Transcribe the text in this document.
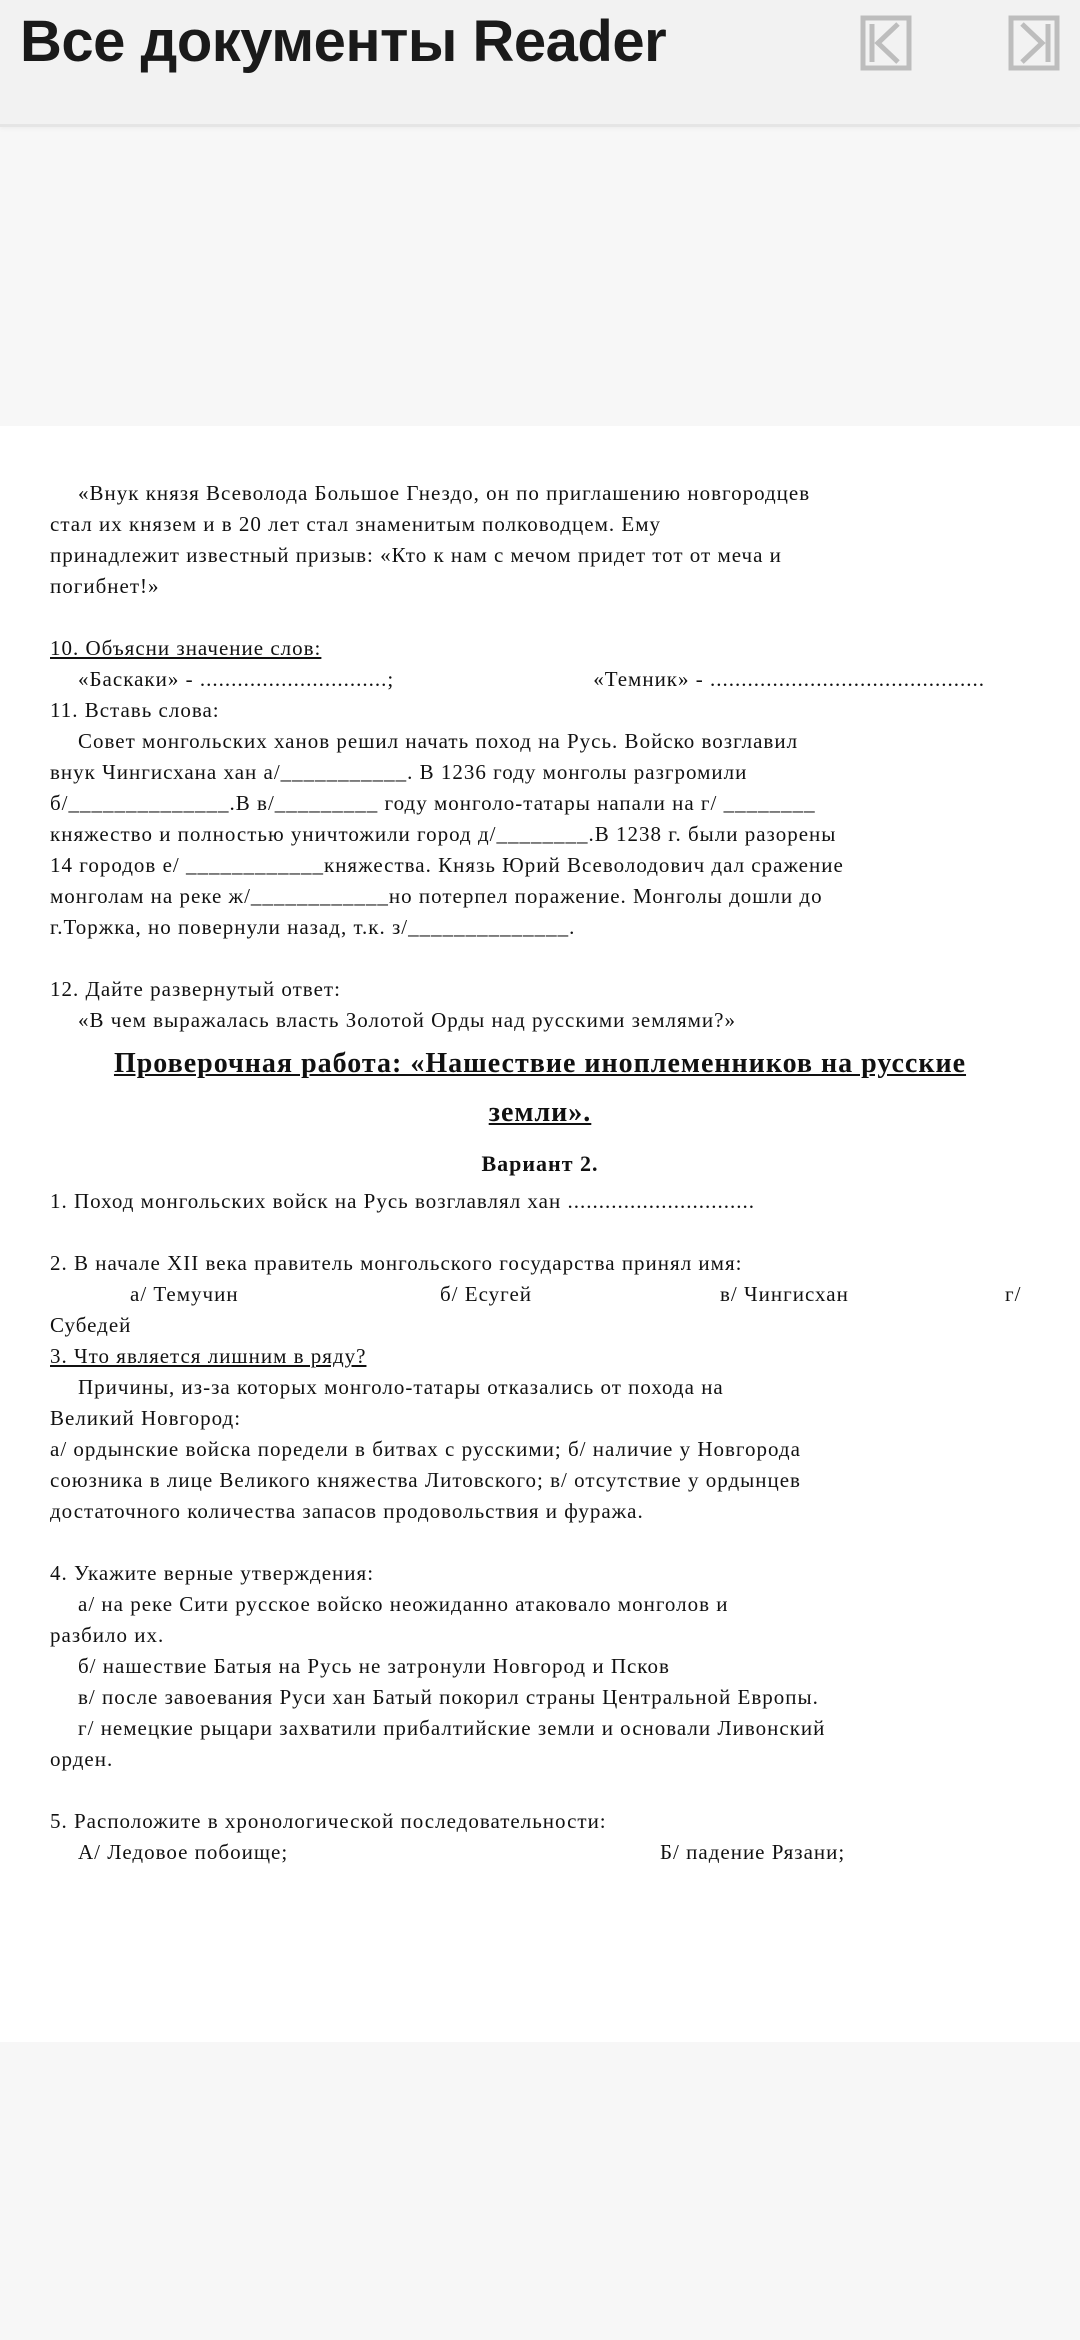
Все документы Reader

«Внук князя Всеволода Большое Гнездо, он по приглашению новгородцев

стал их князем и в 20 лет стал знаменитым полководцем. Ему

принадлежит известный призыв: «Кто к нам с мечом придет тот от меча и

погибнет!»

10. Объясни значение слов:

«Баскаки» - ..............................;	«Темник» - ............................................

11. Вставь слова:

Совет монгольских ханов решил начать поход на Русь. Войско возглавил

внук Чингисхана хан а/___________. В 1236 году монголы разгромили

б/______________.В в/_________ году монголо-татары напали на г/ ________

княжество и полностью уничтожили город д/________.В 1238 г. были разорены

14 городов е/ ____________княжества. Князь Юрий Всеволодович дал сражение

монголам на реке ж/____________но потерпел поражение. Монголы дошли до

г.Торжка, но повернули назад, т.к. з/______________.

12. Дайте развернутый ответ:

«В чем выражалась власть Золотой Орды над русскими землями?»

Проверочная работа: «Нашествие иноплеменников на русские
земли».
Вариант 2.

1. Поход монгольских войск на Русь возглавлял хан ..............................

2. В начале XII века правитель монгольского государства принял имя:

а/ Темучин	б/ Есугей	в/ Чингисхан	г/

Субедей

3. Что является лишним в ряду?

Причины, из-за которых монголо-татары отказались от похода на

Великий Новгород:

а/ ордынские войска поредели в битвах с русскими; б/ наличие у Новгорода

союзника в лице Великого княжества Литовского; в/ отсутствие у ордынцев

достаточного количества запасов продовольствия и фуража.

4. Укажите верные утверждения:

а/ на реке Сити русское войско неожиданно атаковало монголов и

разбило их.

б/ нашествие Батыя на Русь не затронули Новгород и Псков

в/ после завоевания Руси хан Батый покорил страны Центральной Европы.

г/ немецкие рыцари захватили прибалтийские земли и основали Ливонский

орден.

5. Расположите в хронологической последовательности:

А/ Ледовое побоище;	Б/ падение Рязани;
